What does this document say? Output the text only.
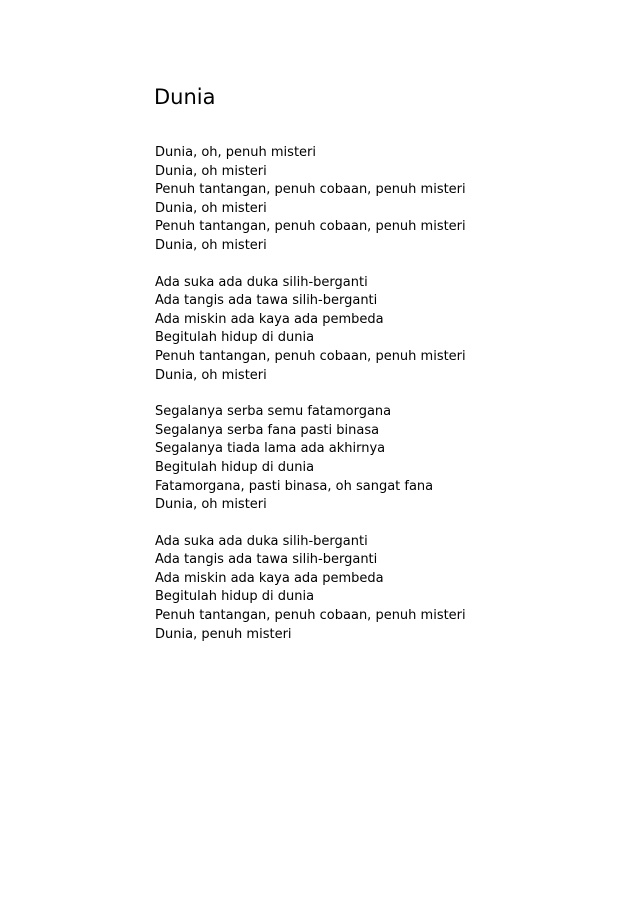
Dunia
Dunia, oh, penuh misteri
Dunia, oh misteri
Penuh tantangan, penuh cobaan, penuh misteri
Dunia, oh misteri
Penuh tantangan, penuh cobaan, penuh misteri
Dunia, oh misteri
Ada suka ada duka silih-berganti
Ada tangis ada tawa silih-berganti
Ada miskin ada kaya ada pembeda
Begitulah hidup di dunia
Penuh tantangan, penuh cobaan, penuh misteri
Dunia, oh misteri
Segalanya serba semu fatamorgana
Segalanya serba fana pasti binasa
Segalanya tiada lama ada akhirnya
Begitulah hidup di dunia
Fatamorgana, pasti binasa, oh sangat fana
Dunia, oh misteri
Ada suka ada duka silih-berganti
Ada tangis ada tawa silih-berganti
Ada miskin ada kaya ada pembeda
Begitulah hidup di dunia
Penuh tantangan, penuh cobaan, penuh misteri
Dunia, penuh misteri
